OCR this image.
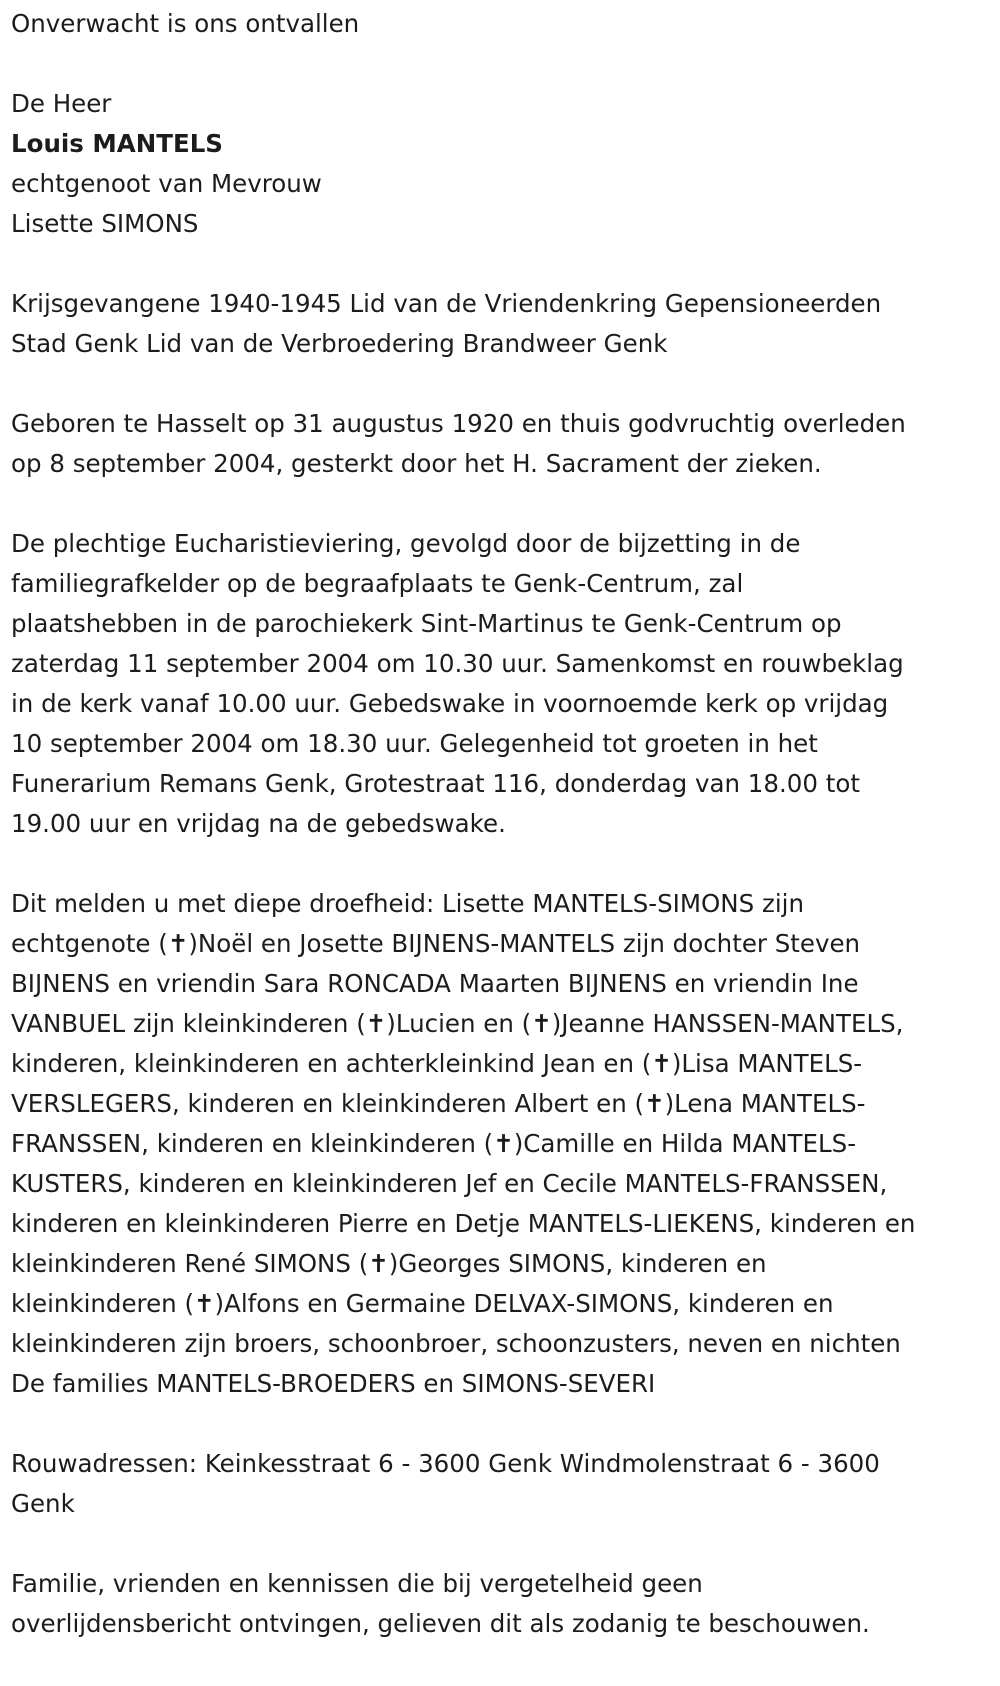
Onverwacht is ons ontvallen
De Heer
Louis MANTELS
echtgenoot van Mevrouw
Lisette SIMONS
Krijsgevangene 1940-1945 Lid van de Vriendenkring Gepensioneerden
Stad Genk Lid van de Verbroedering Brandweer Genk
Geboren te Hasselt op 31 augustus 1920 en thuis godvruchtig overleden
op 8 september 2004, gesterkt door het H. Sacrament der zieken.
De plechtige Eucharistieviering, gevolgd door de bijzetting in de
familiegrafkelder op de begraafplaats te Genk-Centrum, zal
plaatshebben in de parochiekerk Sint-Martinus te Genk-Centrum op
zaterdag 11 september 2004 om 10.30 uur. Samenkomst en rouwbeklag
in de kerk vanaf 10.00 uur. Gebedswake in voornoemde kerk op vrijdag
10 september 2004 om 18.30 uur. Gelegenheid tot groeten in het
Funerarium Remans Genk, Grotestraat 116, donderdag van 18.00 tot
19.00 uur en vrijdag na de gebedswake.
Dit melden u met diepe droefheid: Lisette MANTELS-SIMONS zijn
echtgenote (✝)Noël en Josette BIJNENS-MANTELS zijn dochter Steven
BIJNENS en vriendin Sara RONCADA Maarten BIJNENS en vriendin Ine
VANBUEL zijn kleinkinderen (✝)Lucien en (✝)Jeanne HANSSEN-MANTELS,
kinderen, kleinkinderen en achterkleinkind Jean en (✝)Lisa MANTELS-
VERSLEGERS, kinderen en kleinkinderen Albert en (✝)Lena MANTELS-
FRANSSEN, kinderen en kleinkinderen (✝)Camille en Hilda MANTELS-
KUSTERS, kinderen en kleinkinderen Jef en Cecile MANTELS-FRANSSEN,
kinderen en kleinkinderen Pierre en Detje MANTELS-LIEKENS, kinderen en
kleinkinderen René SIMONS (✝)Georges SIMONS, kinderen en
kleinkinderen (✝)Alfons en Germaine DELVAX-SIMONS, kinderen en
kleinkinderen zijn broers, schoonbroer, schoonzusters, neven en nichten
De families MANTELS-BROEDERS en SIMONS-SEVERI
Rouwadressen: Keinkesstraat 6 - 3600 Genk Windmolenstraat 6 - 3600
Genk
Familie, vrienden en kennissen die bij vergetelheid geen
overlijdensbericht ontvingen, gelieven dit als zodanig te beschouwen.
